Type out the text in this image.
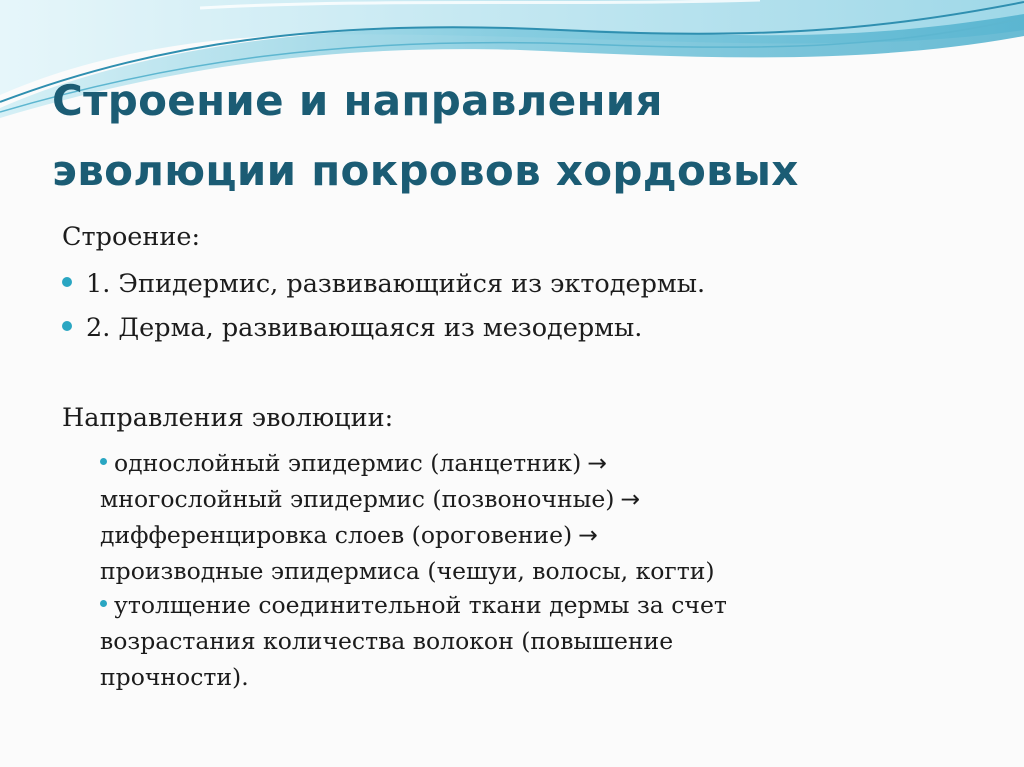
Строение и направления
эволюции покровов хордовых
Строение:
1. Эпидермис, развивающийся из эктодермы.
2. Дерма, развивающаяся из мезодермы.
Направления эволюции:
однослойный эпидермис (ланцетник) →
многослойный эпидермис (позвоночные) →
дифференцировка слоев (ороговение) →
производные эпидермиса (чешуи, волосы, когти)
утолщение соединительной ткани дермы за счет
возрастания количества волокон (повышение
прочности).
